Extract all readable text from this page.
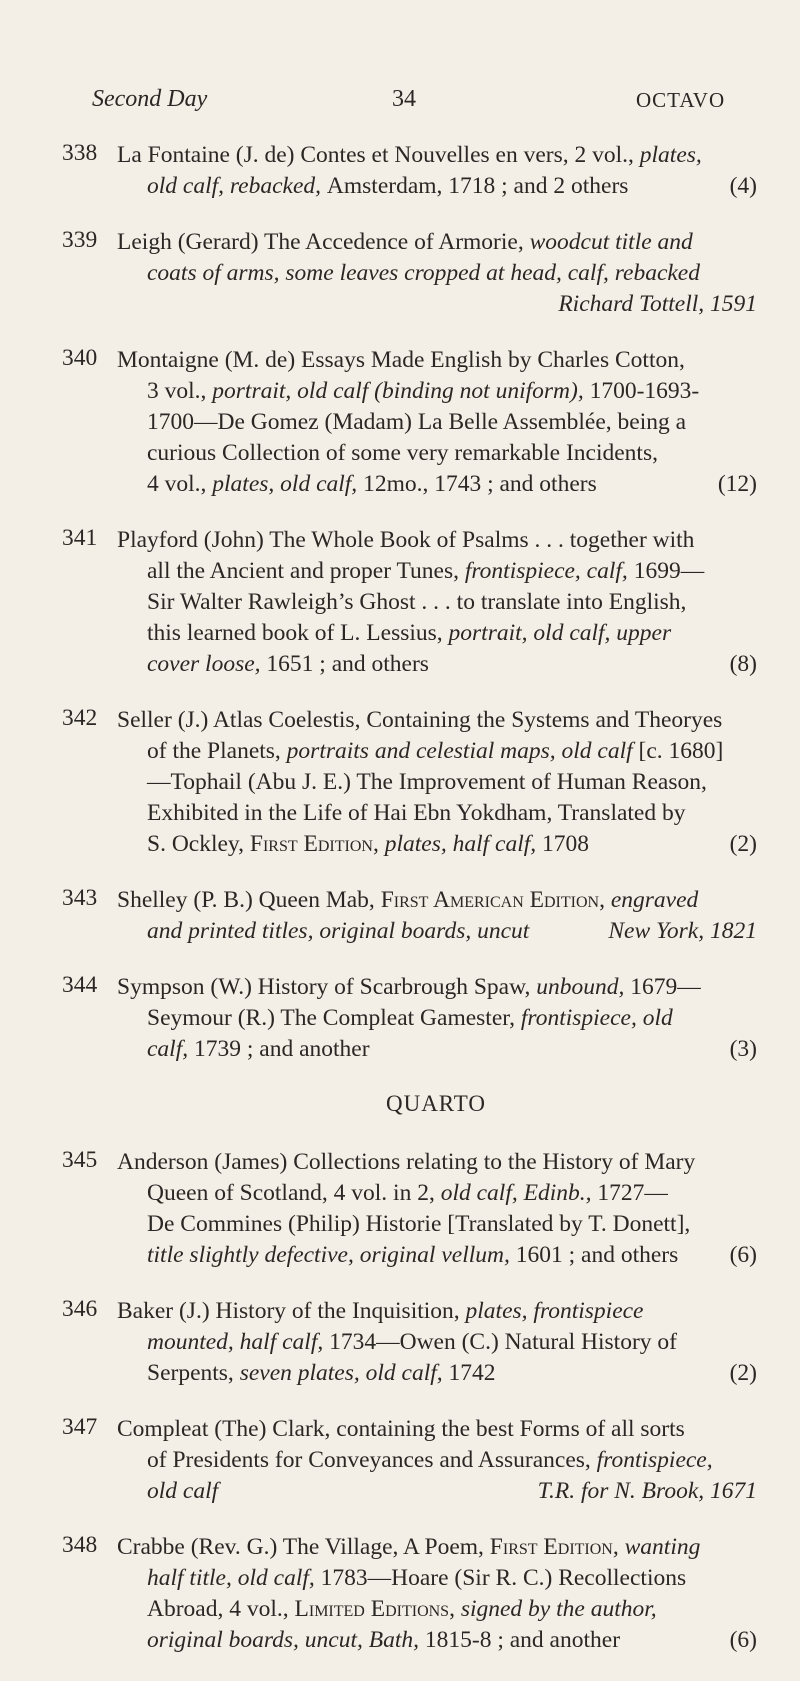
Second Day	34	OCTAVO
338 La Fontaine (J. de) Contes et Nouvelles en vers, 2 vol., plates,
old calf, rebacked, Amsterdam, 1718 ; and 2 others	(4)
339 Leigh (Gerard) The Accedence of Armorie, woodcut title and
coats of arms, some leaves cropped at head, calf, rebacked
Richard Tottell, 1591
340 Montaigne (M. de) Essays Made English by Charles Cotton,
3 vol., portrait, old calf (binding not uniform), 1700-1693-
1700—De Gomez (Madam) La Belle Assemblée, being a
curious Collection of some very remarkable Incidents,
4 vol., plates, old calf, 12mo., 1743 ; and others	(12)
341 Playford (John) The Whole Book of Psalms . . . together with
all the Ancient and proper Tunes, frontispiece, calf, 1699—
Sir Walter Rawleigh’s Ghost . . . to translate into English,
this learned book of L. Lessius, portrait, old calf, upper
cover loose, 1651 ; and others	(8)
342 Seller (J.) Atlas Coelestis, Containing the Systems and Theoryes
of the Planets, portraits and celestial maps, old calf [c. 1680]
—Tophail (Abu J. E.) The Improvement of Human Reason,
Exhibited in the Life of Hai Ebn Yokdham, Translated by
S. Ockley, First Edition, plates, half calf, 1708	(2)
343 Shelley (P. B.) Queen Mab, First American Edition, engraved
and printed titles, original boards, uncut	New York, 1821
344 Sympson (W.) History of Scarbrough Spaw, unbound, 1679—
Seymour (R.) The Compleat Gamester, frontispiece, old
calf, 1739 ; and another	(3)
QUARTO
345 Anderson (James) Collections relating to the History of Mary
Queen of Scotland, 4 vol. in 2, old calf, Edinb., 1727—
De Commines (Philip) Historie [Translated by T. Donett],
title slightly defective, original vellum, 1601 ; and others (6)
346 Baker (J.) History of the Inquisition, plates, frontispiece
mounted, half calf, 1734—Owen (C.) Natural History of
Serpents, seven plates, old calf, 1742	(2)
347 Compleat (The) Clark, containing the best Forms of all sorts
of Presidents for Conveyances and Assurances, frontispiece,
old calf	T.R. for N. Brook, 1671
348 Crabbe (Rev. G.) The Village, A Poem, First Edition, wanting
half title, old calf, 1783—Hoare (Sir R. C.) Recollections
Abroad, 4 vol., Limited Editions, signed by the author,
original boards, uncut, Bath, 1815-8 ; and another	(6)
